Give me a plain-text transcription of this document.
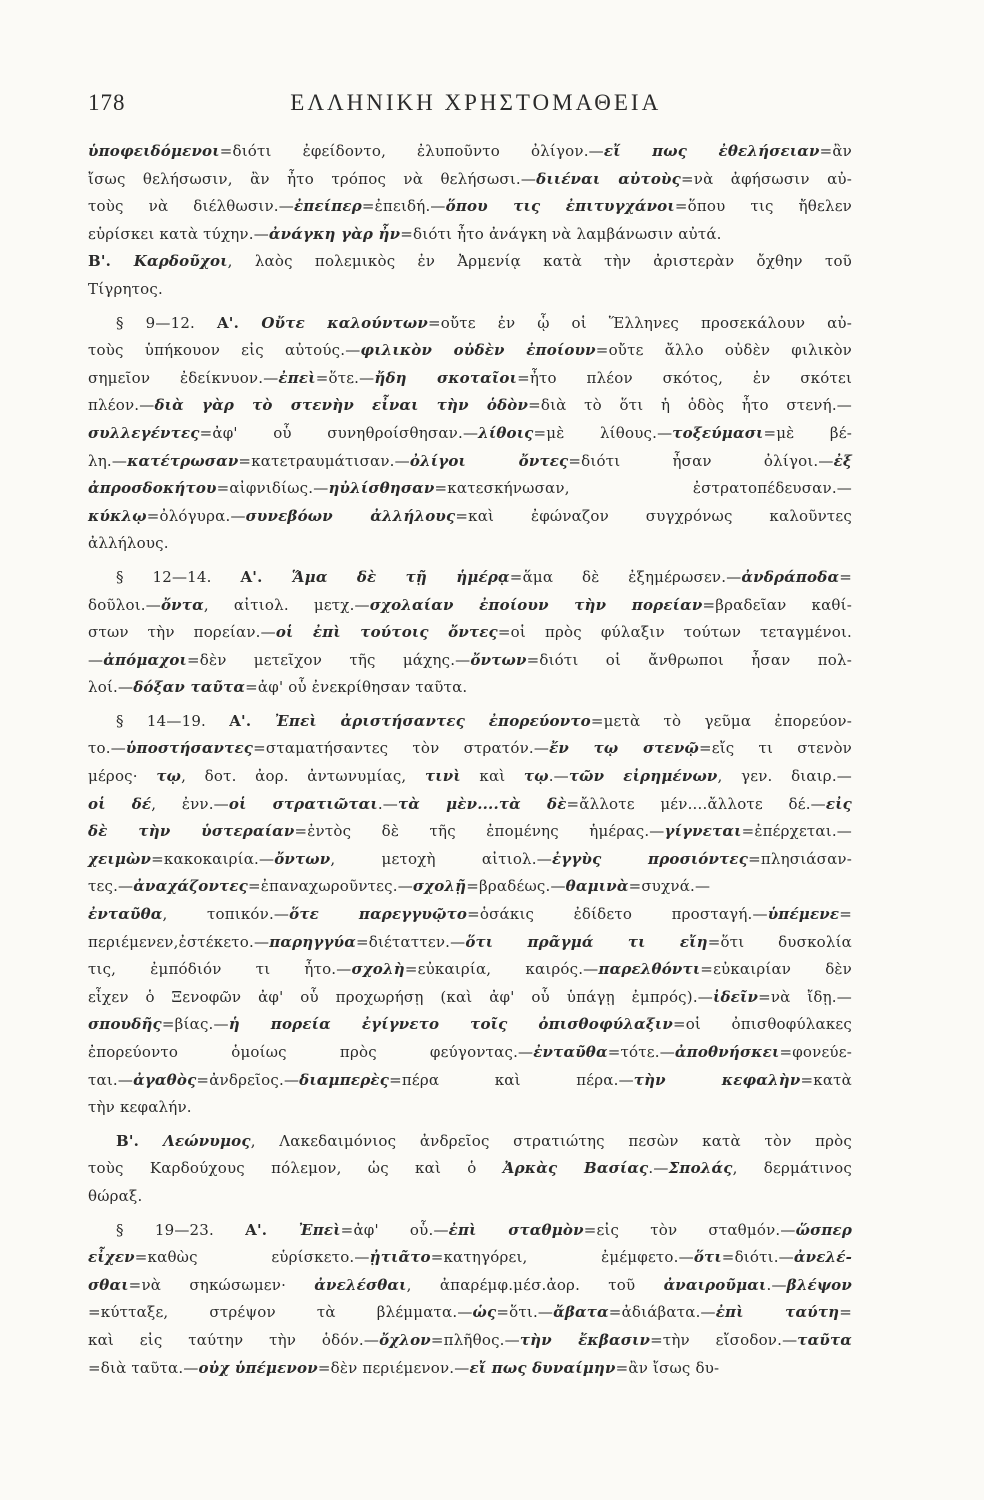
178	ΕΛΛΗΝΙΚΗ ΧΡΗΣΤΟΜΑΘΕΙΑ
ὑποφειδόμενοι=διότι ἐφείδοντο, ἐλυποῦντο ὀλίγον.—εἴ πως ἐθελήσειαν=ἂν
ἴσως θελήσωσιν, ἂν ἦτο τρόπος νὰ θελήσωσι.—διιέναι αὐτοὺς=νὰ ἀφήσωσιν αὐ-
τοὺς νὰ διέλθωσιν.—ἐπείπερ=ἐπειδή.—ὅπου τις ἐπιτυγχάνοι=ὅπου τις ἤθελεν
εὑρίσκει κατὰ τύχην.—ἀνάγκη γὰρ ἦν=διότι ἦτο ἀνάγκη νὰ λαμβάνωσιν αὐτά.
Β'. Καρδοῦχοι, λαὸς πολεμικὸς ἐν Ἀρμενίᾳ κατὰ τὴν ἀριστερὰν ὄχθην τοῦ
Τίγρητος.
§ 9—12. Α'. Οὔτε καλούντων=οὔτε ἐν ᾧ οἱ Ἕλληνες προσεκάλουν αὐ-
τοὺς ὑπήκουον εἰς αὐτούς.—φιλικὸν οὐδὲν ἐποίουν=οὔτε ἄλλο οὐδὲν φιλικὸν
σημεῖον ἐδείκνυον.—ἐπεὶ=ὅτε.—ἤδη σκοταῖοι=ἦτο πλέον σκότος, ἐν σκότει
πλέον.—διὰ γὰρ τὸ στενὴν εἶναι τὴν ὁδὸν=διὰ τὸ ὅτι ἡ ὁδὸς ἦτο στενή.—
συλλεγέντες=ἀφ' οὗ συνηθροίσθησαν.—λίθοις=μὲ λίθους.—τοξεύμασι=μὲ βέ-
λη.—κατέτρωσαν=κατετραυμάτισαν.—ὀλίγοι ὄντες=διότι ἦσαν ὀλίγοι.—ἐξ
ἀπροσδοκήτου=αἰφνιδίως.—ηὐλίσθησαν=κατεσκήνωσαν, ἐστρατοπέδευσαν.—
κύκλῳ=ὀλόγυρα.—συνεβόων ἀλλήλους=καὶ ἐφώναζον συγχρόνως καλοῦντες
ἀλλήλους.
§ 12—14. Α'. Ἅμα δὲ τῇ ἡμέρᾳ=ἅμα δὲ ἐξημέρωσεν.—ἀνδράποδα=
δοῦλοι.—ὄντα, αἰτιολ. μετχ.—σχολαίαν ἐποίουν τὴν πορείαν=βραδεῖαν καθί-
στων τὴν πορείαν.—οἱ ἐπὶ τούτοις ὄντες=οἱ πρὸς φύλαξιν τούτων τεταγμένοι.
—ἀπόμαχοι=δὲν μετεῖχον τῆς μάχης.—ὄντων=διότι οἱ ἄνθρωποι ἦσαν πολ-
λοί.—δόξαν ταῦτα=ἀφ' οὗ ἐνεκρίθησαν ταῦτα.
§ 14—19. Α'. Ἐπεὶ ἀριστήσαντες ἐπορεύοντο=μετὰ τὸ γεῦμα ἐπορεύον-
το.—ὑποστήσαντες=σταματήσαντες τὸν στρατόν.—ἔν τῳ στενῷ=εἴς τι στενὸν
μέρος· τῳ, δοτ. ἀορ. ἀντωνυμίας, τινὶ καὶ τῳ.—τῶν εἰρημένων, γεν. διαιρ.—
οἱ δέ, ἐνν.—οἱ στρατιῶται.—τὰ μὲν....τὰ δὲ=ἄλλοτε μέν....ἄλλοτε δέ.—εἰς
δὲ τὴν ὑστεραίαν=ἐντὸς δὲ τῆς ἐπομένης ἡμέρας.—γίγνεται=ἐπέρχεται.—
χειμὼν=κακοκαιρία.—ὄντων, μετοχὴ αἰτιολ.—ἐγγὺς προσιόντες=πλησιάσαν-
τες.—ἀναχάζοντες=ἐπαναχωροῦντες.—σχολῇ=βραδέως.—θαμινὰ=συχνά.—
ἐνταῦθα, τοπικόν.—ὅτε παρεγγυῷτο=ὁσάκις ἐδίδετο προσταγή.—ὑπέμενε=
περιέμενεν,ἐστέκετο.—παρηγγύα=διέταττεν.—ὅτι πρᾶγμά τι εἴη=ὅτι δυσκολία
τις, ἐμπόδιόν τι ἦτο.—σχολὴ=εὐκαιρία, καιρός.—παρελθόντι=εὐκαιρίαν δὲν
εἶχεν ὁ Ξενοφῶν ἀφ' οὗ προχωρήσῃ (καὶ ἀφ' οὗ ὑπάγῃ ἐμπρός).—ἰδεῖν=νὰ ἴδῃ.—
σπουδῆς=βίας.—ἡ πορεία ἐγίγνετο τοῖς ὀπισθοφύλαξιν=οἱ ὀπισθοφύλακες
ἐπορεύοντο ὁμοίως πρὸς φεύγοντας.—ἐνταῦθα=τότε.—ἀποθνήσκει=φονεύε-
ται.—ἀγαθὸς=ἀνδρεῖος.—διαμπερὲς=πέρα καὶ πέρα.—τὴν κεφαλὴν=κατὰ
τὴν κεφαλήν.
Β'. Λεώνυμος, Λακεδαιμόνιος ἀνδρεῖος στρατιώτης πεσὼν κατὰ τὸν πρὸς
τοὺς Καρδούχους πόλεμον, ὡς καὶ ὁ Ἀρκὰς Βασίας.—Σπολάς, δερμάτινος
θώραξ.
§ 19—23. Α'. Ἐπεὶ=ἀφ' οὗ.—ἐπὶ σταθμὸν=εἰς τὸν σταθμόν.—ὥσπερ
εἶχεν=καθὼς εὑρίσκετο.—ᾐτιᾶτο=κατηγόρει, ἐμέμφετο.—ὅτι=διότι.—ἀνελέ-
σθαι=νὰ σηκώσωμεν· ἀνελέσθαι, ἀπαρέμφ.μέσ.ἀορ. τοῦ ἀναιροῦμαι.—βλέψον
=κύτταξε, στρέψον τὰ βλέμματα.—ὡς=ὅτι.—ἄβατα=ἀδιάβατα.—ἐπὶ ταύτη=
καὶ εἰς ταύτην τὴν ὁδόν.—ὄχλον=πλῆθος.—τὴν ἔκβασιν=τὴν εἴσοδον.—ταῦτα
=διὰ ταῦτα.—οὐχ ὑπέμενον=δὲν περιέμενον.—εἴ πως δυναίμην=ἂν ἴσως δυ-
